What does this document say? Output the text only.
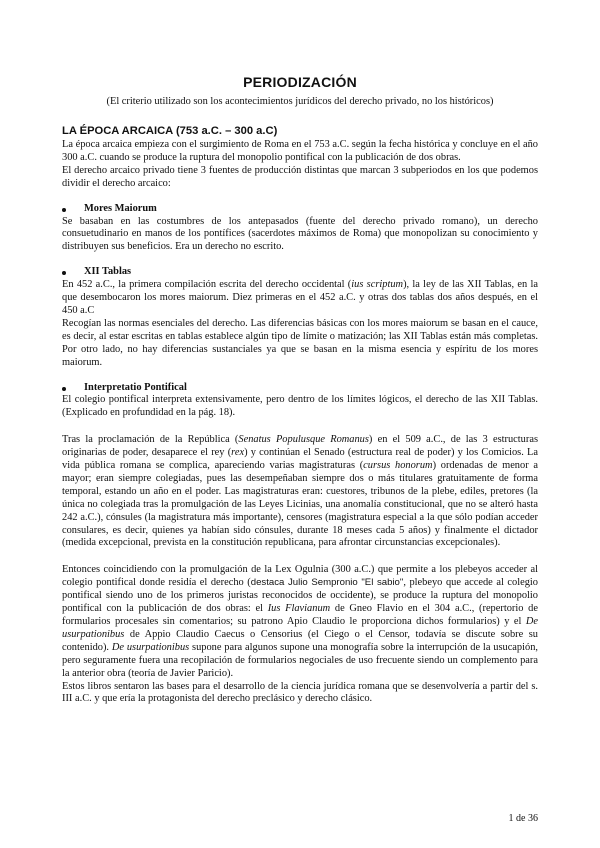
PERIODIZACIÓN
(El criterio utilizado son los acontecimientos jurídicos del derecho privado, no los históricos)
LA ÉPOCA ARCAICA (753 a.C. – 300 a.C)

La época arcaica empieza con el surgimiento de Roma en el 753 a.C. según la fecha histórica y concluye en el año 300 a.C. cuando se produce la ruptura del monopolio pontifical con la publicación de dos obras.

El derecho arcaico privado tiene 3 fuentes de producción distintas que marcan 3 subperiodos en los que podemos dividir el derecho arcaico:

Mores Maiorum

Se basaban en las costumbres de los antepasados (fuente del derecho privado romano), un derecho consuetudinario en manos de los pontífices (sacerdotes máximos de Roma) que monopolizan su conocimiento y distribuyen sus beneficios. Era un derecho no escrito.

XII Tablas

En 452 a.C., la primera compilación escrita del derecho occidental (ius scriptum), la ley de las XII Tablas, en la que desembocaron los mores maiorum. Diez primeras en el 452 a.C. y otras dos tablas dos años después, en el 450 a.C

Recogían las normas esenciales del derecho. Las diferencias básicas con los mores maiorum se basan en el cauce, es decir, al estar escritas en tablas establece algún tipo de límite o matización; las XII Tablas están más completas. Por otro lado, no hay diferencias sustanciales ya que se basan en la misma esencia y espíritu de los mores maiorum.

Interpretatio Pontifical

El colegio pontifical interpreta extensivamente, pero dentro de los límites lógicos, el derecho de las XII Tablas. (Explicado en profundidad en la pág. 18).

Tras la proclamación de la República (Senatus Populusque Romanus) en el 509 a.C., de las 3 estructuras originarias de poder, desaparece el rey (rex) y continúan el Senado (estructura real de poder) y los Comicios. La vida pública romana se complica, apareciendo varias magistraturas (cursus honorum) ordenadas de menor a mayor; eran siempre colegiadas, pues las desempeñaban siempre dos o más titulares gratuitamente de forma temporal, estando un año en el poder. Las magistraturas eran: cuestores, tribunos de la plebe, ediles, pretores (la única no colegiada tras la promulgación de las Leyes Licinias, una anomalía constitucional, que no se alteró hasta 242 a.C.), cónsules (la magistratura más importante), censores (magistratura especial a la que sólo podían acceder consulares, es decir, quienes ya habían sido cónsules, durante 18 meses cada 5 años) y finalmente el dictador (medida excepcional, prevista en la constitución republicana, para afrontar circunstancias excepcionales).

Entonces coincidiendo con la promulgación de la Lex Ogulnia (300 a.C.) que permite a los plebeyos acceder al colegio pontifical donde residía el derecho (destaca Julio Sempronio "El sabio", plebeyo que accede al colegio pontifical siendo uno de los primeros juristas reconocidos de occidente), se produce la ruptura del monopolio pontifical con la publicación de dos obras: el Ius Flavianum de Gneo Flavio en el 304 a.C., (repertorio de formularios procesales sin comentarios; su patrono Apio Claudio le proporciona dichos formularios) y el De usurpationibus de Appio Claudio Caecus o Censorius (el Ciego o el Censor, todavía se discute sobre su contenido). De usurpationibus supone para algunos supone una monografía sobre la interrupción de la usucapión, pero seguramente fuera una recopilación de formularios negociales de uso frecuente siendo un complemento para la anterior obra (teoría de Javier Paricio).

Estos libros sentaron las bases para el desarrollo de la ciencia jurídica romana que se desenvolvería a partir del s. III a.C. y que ería la protagonista del derecho preclásico y derecho clásico.

1 de 36
